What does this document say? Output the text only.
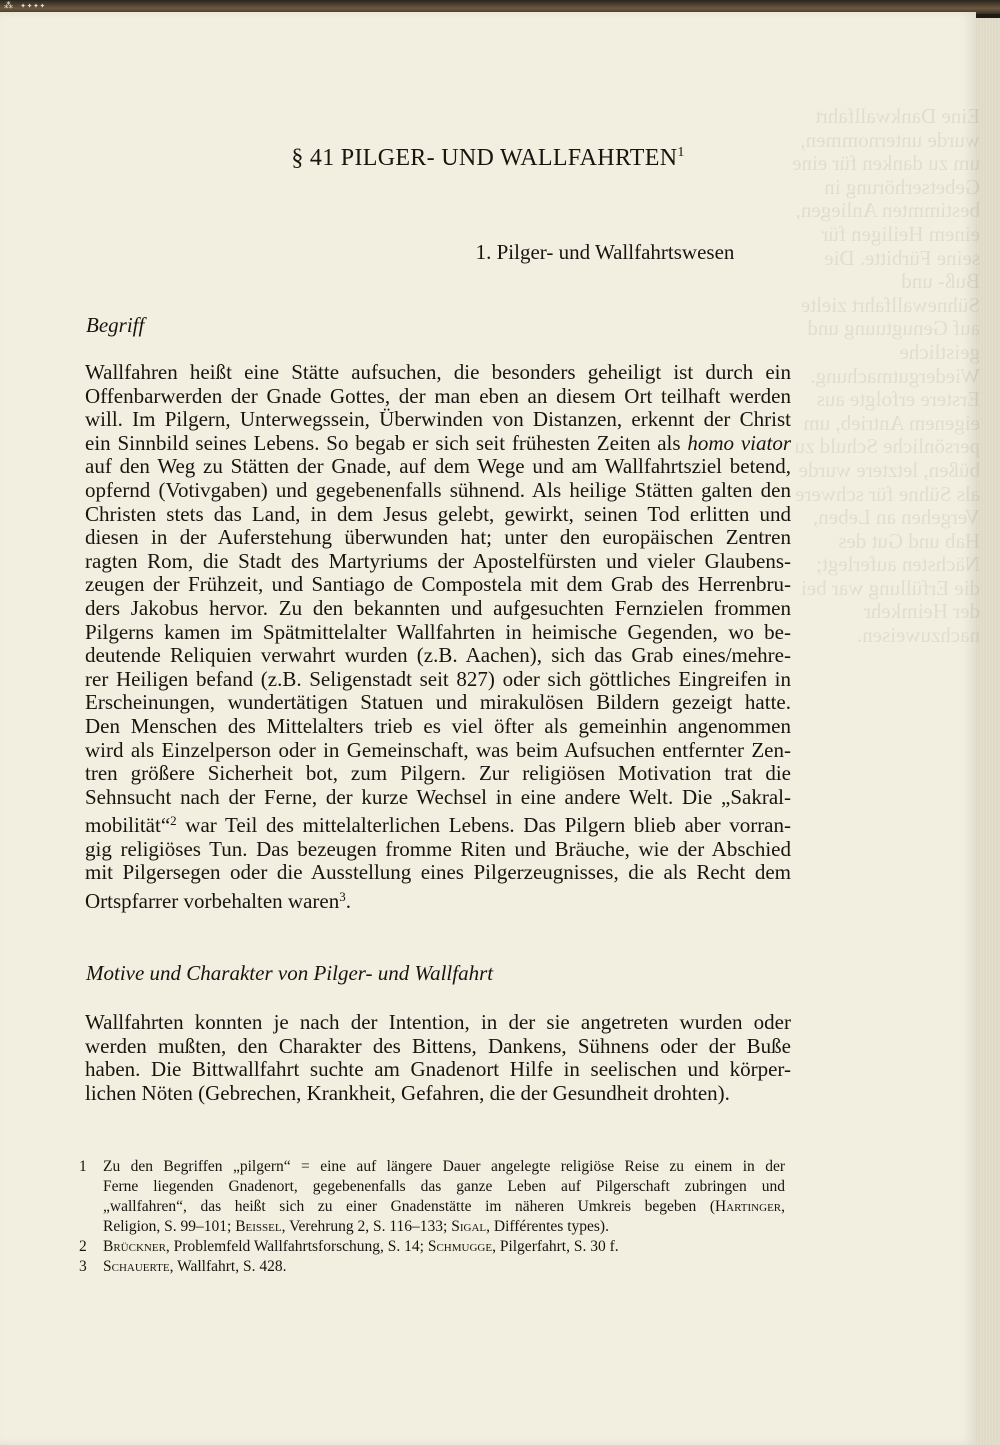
⁂ ✦✦✦✦
Eine Dankwallfahrt wurde unternommen, um zu danken für eine Gebetserhörung in bestimmten Anliegen, einem Heiligen für seine Fürbitte. Die Buß- und Sühnewallfahrt zielte auf Genugtuung und geistliche Wiedergutmachung. Erstere erfolgte aus eigenem Antrieb, um persönliche Schuld zu büßen, letztere wurde als Sühne für schwere Vergehen an Leben, Hab und Gut des Nächsten auferlegt; die Erfüllung war bei der Heimkehr nachzuweisen.
§ 41 PILGER- UND WALLFAHRTEN$^1$
1. Pilger- und Wallfahrtswesen
Begriff
Wallfahren heißt eine Stätte aufsuchen, die besonders geheiligt ist durch ein
Offenbarwerden der Gnade Gottes, der man eben an diesem Ort teilhaft werden
will. Im Pilgern, Unterwegssein, Überwinden von Distanzen, erkennt der Christ
ein Sinnbild seines Lebens. So begab er sich seit frühesten Zeiten als homo viator
auf den Weg zu Stätten der Gnade, auf dem Wege und am Wallfahrtsziel betend,
opfernd (Votivgaben) und gegebenenfalls sühnend. Als heilige Stätten galten den
Christen stets das Land, in dem Jesus gelebt, gewirkt, seinen Tod erlitten und
diesen in der Auferstehung überwunden hat; unter den europäischen Zentren
ragten Rom, die Stadt des Martyriums der Apostelfürsten und vieler Glaubens-
zeugen der Frühzeit, und Santiago de Compostela mit dem Grab des Herrenbru-
ders Jakobus hervor. Zu den bekannten und aufgesuchten Fernzielen frommen
Pilgerns kamen im Spätmittelalter Wallfahrten in heimische Gegenden, wo be-
deutende Reliquien verwahrt wurden (z.B. Aachen), sich das Grab eines/mehre-
rer Heiligen befand (z.B. Seligenstadt seit 827) oder sich göttliches Eingreifen in
Erscheinungen, wundertätigen Statuen und mirakulösen Bildern gezeigt hatte.
Den Menschen des Mittelalters trieb es viel öfter als gemeinhin angenommen
wird als Einzelperson oder in Gemeinschaft, was beim Aufsuchen entfernter Zen-
tren größere Sicherheit bot, zum Pilgern. Zur religiösen Motivation trat die
Sehnsucht nach der Ferne, der kurze Wechsel in eine andere Welt. Die „Sakral-
mobilität“$^2$ war Teil des mittelalterlichen Lebens. Das Pilgern blieb aber vorran-
gig religiöses Tun. Das bezeugen fromme Riten und Bräuche, wie der Abschied
mit Pilgersegen oder die Ausstellung eines Pilgerzeugnisses, die als Recht dem
Ortspfarrer vorbehalten waren$^3$.
Motive und Charakter von Pilger- und Wallfahrt
Wallfahrten konnten je nach der Intention, in der sie angetreten wurden oder
werden mußten, den Charakter des Bittens, Dankens, Sühnens oder der Buße
haben. Die Bittwallfahrt suchte am Gnadenort Hilfe in seelischen und körper-
lichen Nöten (Gebrechen, Krankheit, Gefahren, die der Gesundheit drohten).
1 Zu den Begriffen „pilgern“ = eine auf längere Dauer angelegte religiöse Reise zu einem in der
Ferne liegenden Gnadenort, gegebenenfalls das ganze Leben auf Pilgerschaft zubringen und
„wallfahren“, das heißt sich zu einer Gnadenstätte im näheren Umkreis begeben (Hartinger,
Religion, S. 99–101; Beissel, Verehrung 2, S. 116–133; Sigal, Différentes types).
2 Brückner, Problemfeld Wallfahrtsforschung, S. 14; Schmugge, Pilgerfahrt, S. 30 f.
3 Schauerte, Wallfahrt, S. 428.
